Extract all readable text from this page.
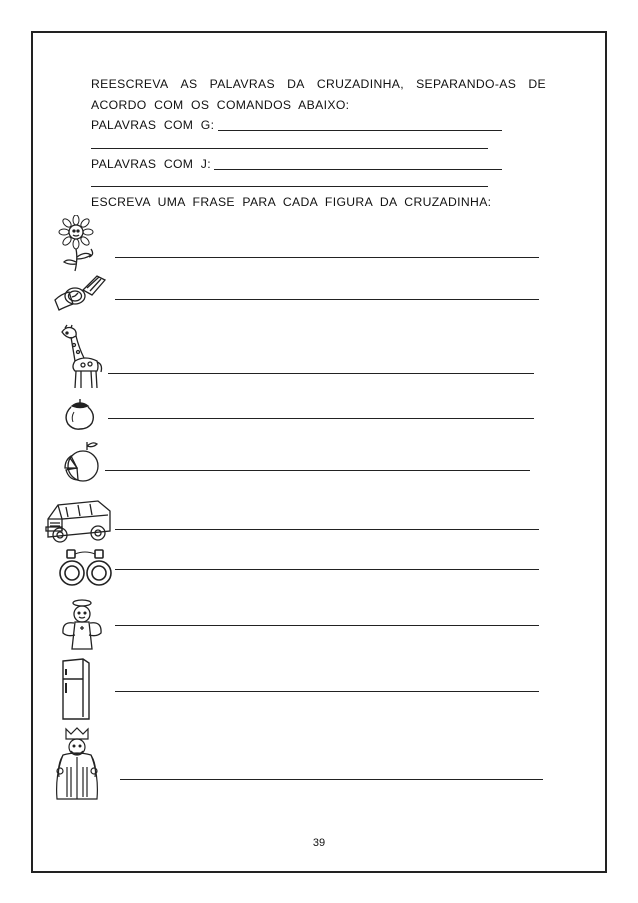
REESCREVA AS PALAVRAS DA CRUZADINHA, SEPARANDO-AS DE
ACORDO  COM  OS  COMANDOS  ABAIXO:
PALAVRAS  COM  G:
PALAVRAS  COM  J:
ESCREVA  UMA  FRASE  PARA  CADA  FIGURA  DA  CRUZADINHA:
39
